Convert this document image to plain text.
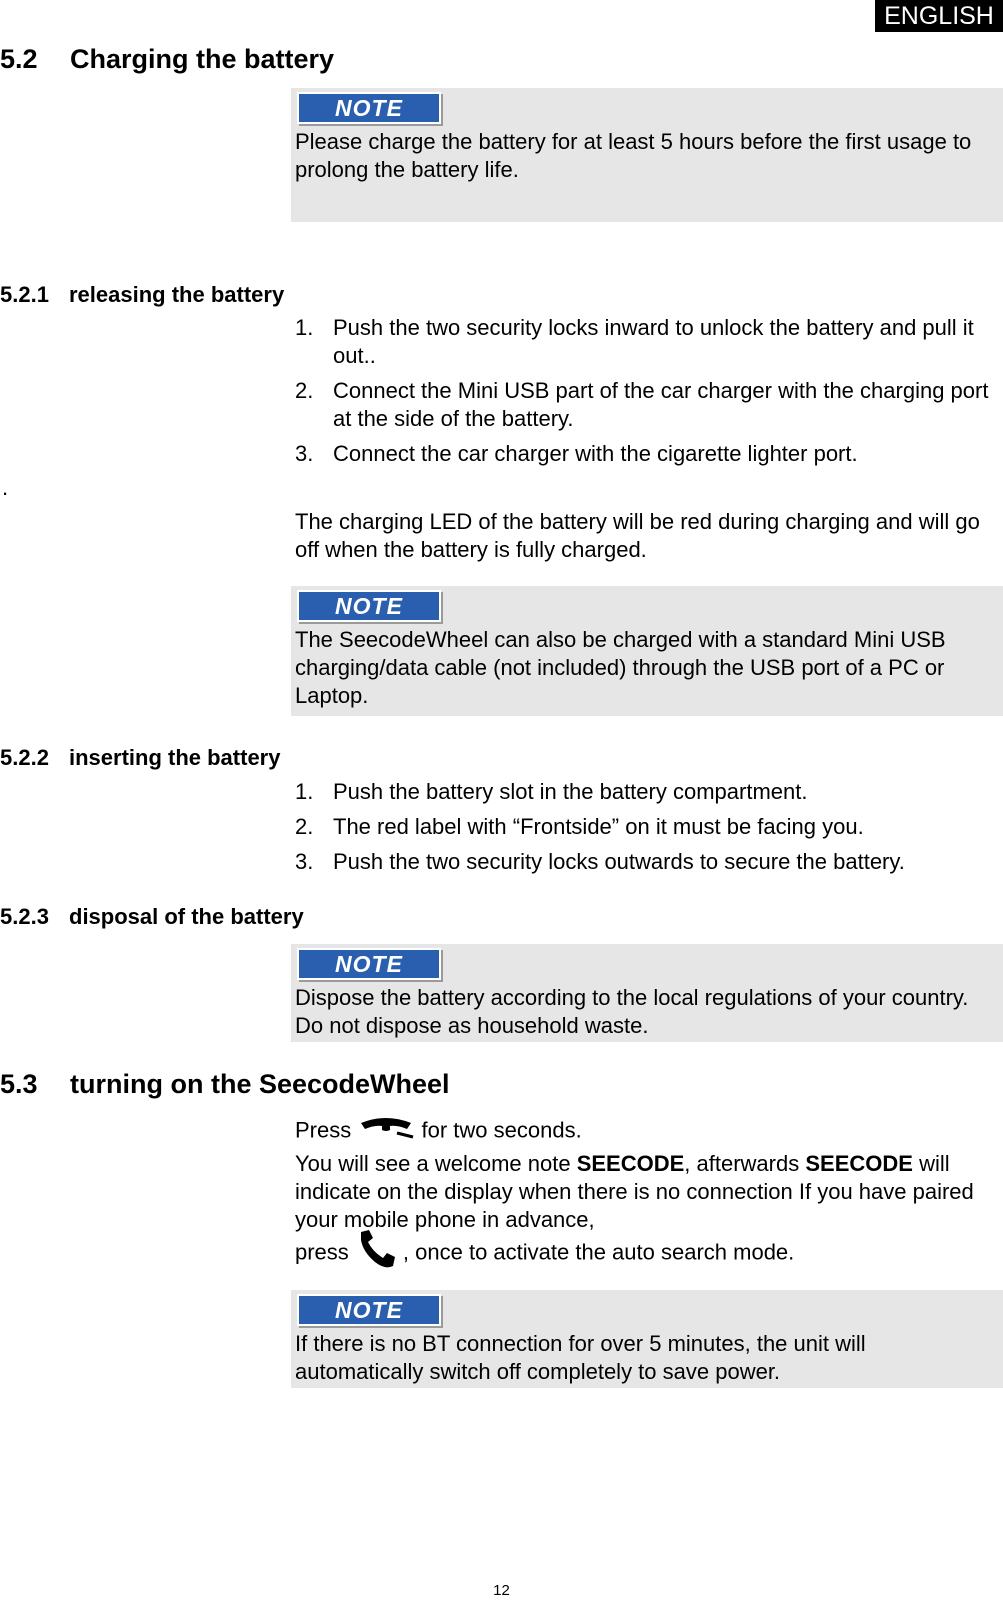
ENGLISH
5.2 Charging the battery
NOTE
Please charge the battery for at least 5 hours before the first usage to prolong the battery life.
5.2.1 releasing the battery
1. Push the two security locks inward to unlock the battery and pull it out..
2. Connect the Mini USB part of the car charger with the charging port at the side of the battery.
3. Connect the car charger with the cigarette lighter port.
.
The charging LED of the battery will be red during charging and will go off when the battery is fully charged.
NOTE
The SeecodeWheel can also be charged with a standard Mini USB charging/data cable (not included) through the USB port of a PC or Laptop.
5.2.2 inserting the battery
1. Push the battery slot in the battery compartment.
2. The red label with “Frontside” on it must be facing you.
3. Push the two security locks outwards to secure the battery.
5.2.3 disposal of the battery
NOTE
Dispose the battery according to the local regulations of your country. Do not dispose as household waste.
5.3 turning on the SeecodeWheel
Press	for two seconds.
You will see a welcome note SEECODE, afterwards SEECODE will indicate on the display when there is no connection If you have paired your mobile phone in advance,
press , once to activate the auto search mode.
NOTE
If there is no BT connection for over 5 minutes, the unit will automatically switch off completely to save power.
12
